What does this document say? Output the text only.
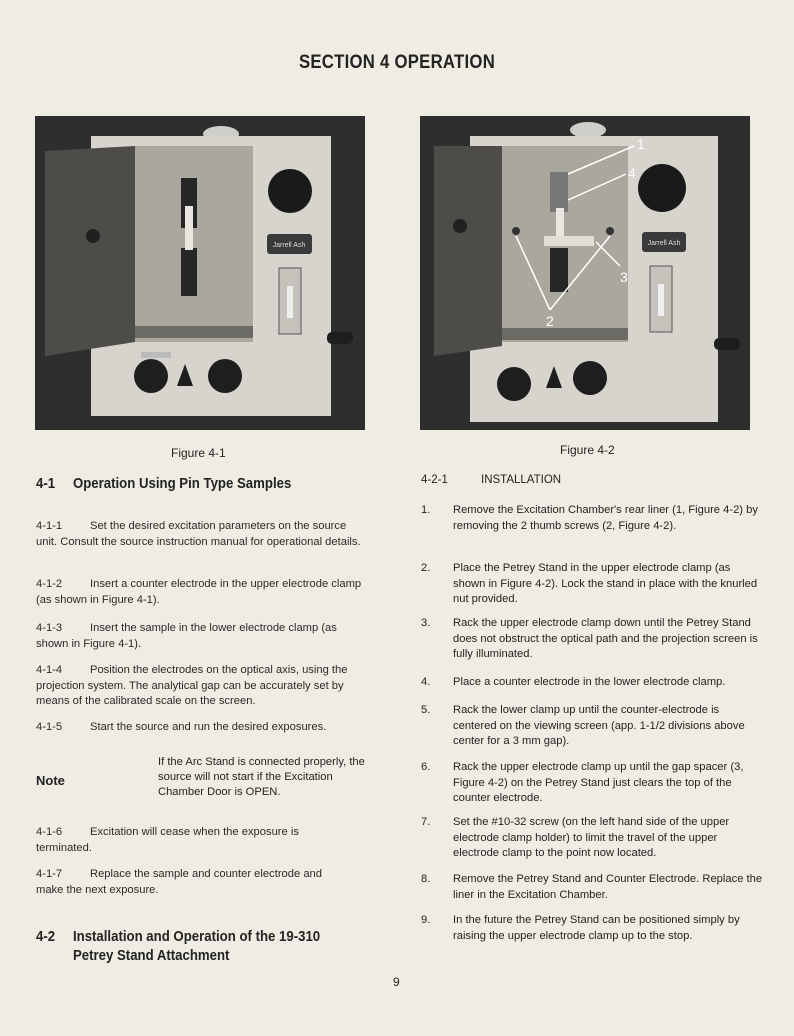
SECTION 4 OPERATION
Jarrell Ash	Jarrell Ash
1
4
3
2
Figure 4-1	Figure 4-2
4-1 Operation Using Pin Type Samples
4-1-1 Set the desired excitation parameters on the source unit. Consult the source instruction manual for operational details.
4-1-2 Insert a counter electrode in the upper electrode clamp (as shown in Figure 4-1).
4-1-3 Insert the sample in the lower electrode clamp (as shown in Figure 4-1).
4-1-4 Position the electrodes on the optical axis, using the projection system. The analytical gap can be accurately set by means of the calibrated scale on the screen.
4-1-5 Start the source and run the desired exposures.
Note
If the Arc Stand is connected properly, the source will not start if the Excitation Chamber Door is OPEN.
4-1-6 Excitation will cease when the exposure is terminated.
4-1-7 Replace the sample and counter electrode and make the next exposure.
4-2 Installation and Operation of the 19-310
Petrey Stand Attachment
4-2-1	INSTALLATION
1.	Remove the Excitation Chamber's rear liner (1, Figure 4-2) by removing the 2 thumb screws (2, Figure 4-2).
2.	Place the Petrey Stand in the upper electrode clamp (as shown in Figure 4-2). Lock the stand in place with the knurled nut provided.
3.	Rack the upper electrode clamp down until the Petrey Stand does not obstruct the optical path and the projection screen is fully illuminated.
4.	Place a counter electrode in the lower electrode clamp.
5.	Rack the lower clamp up until the counter-electrode is centered on the viewing screen (app. 1-1/2 divisions above center for a 3 mm gap).
6.	Rack the upper electrode clamp up until the gap spacer (3, Figure 4-2) on the Petrey Stand just clears the top of the counter electrode.
7.	Set the #10-32 screw (on the left hand side of the upper electrode clamp holder) to limit the travel of the upper electrode clamp to the point now located.
8.	Remove the Petrey Stand and Counter Electrode. Replace the liner in the Excitation Chamber.
9.	In the future the Petrey Stand can be positioned simply by raising the upper electrode clamp up to the stop.
9
